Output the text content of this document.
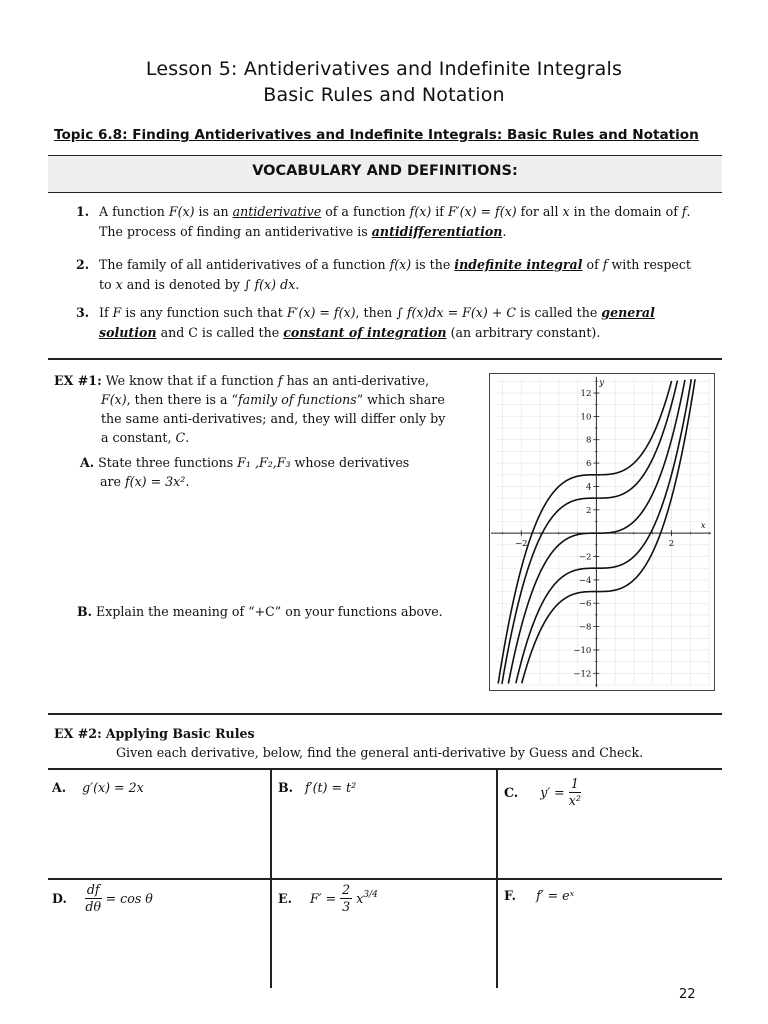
Lesson 5: Antiderivatives and Indefinite Integrals
Basic Rules and Notation
Topic 6.8: Finding Antiderivatives and Indefinite Integrals: Basic Rules and Notation
VOCABULARY AND DEFINITIONS:
1. A function F(x) is an antiderivative of a function f(x) if F′(x) = f(x) for all x in the domain of f. The process of finding an antiderivative is antidifferentiation.
2. The family of all antiderivatives of a function f(x) is the indefinite integral of f with respect to x and is denoted by ∫ f(x) dx.
3. If F is any function such that F′(x) = f(x), then ∫ f(x)dx = F(x) + C is called the general solution and C is called the constant of integration (an arbitrary constant).
EX #1: We know that if a function f has an anti-derivative,
F(x), then there is a “family of functions” which share
the same anti-derivatives; and, they will differ only by
a constant, C.
A. State three functions F₁ ,F₂,F₃ whose derivatives
are f(x) = 3x².
B. Explain the meaning of “+C” on your functions above.
−12
−10
−8
−6
−4
−2
2
4
6
8
10
12
−2	2
x
y
EX #2: Applying Basic Rules
Given each derivative, below, find the general anti-derivative by Guess and Check.
A. g′(x) = 2x	B. f′(t) = t²	C. $y' = \frac{1}{\text{x²}}$
D. $\frac{df}{d\theta} = \cos \theta$	E. $F' = \frac{2}{3} x^{3/4}$	F. f′ = eˣ
22
